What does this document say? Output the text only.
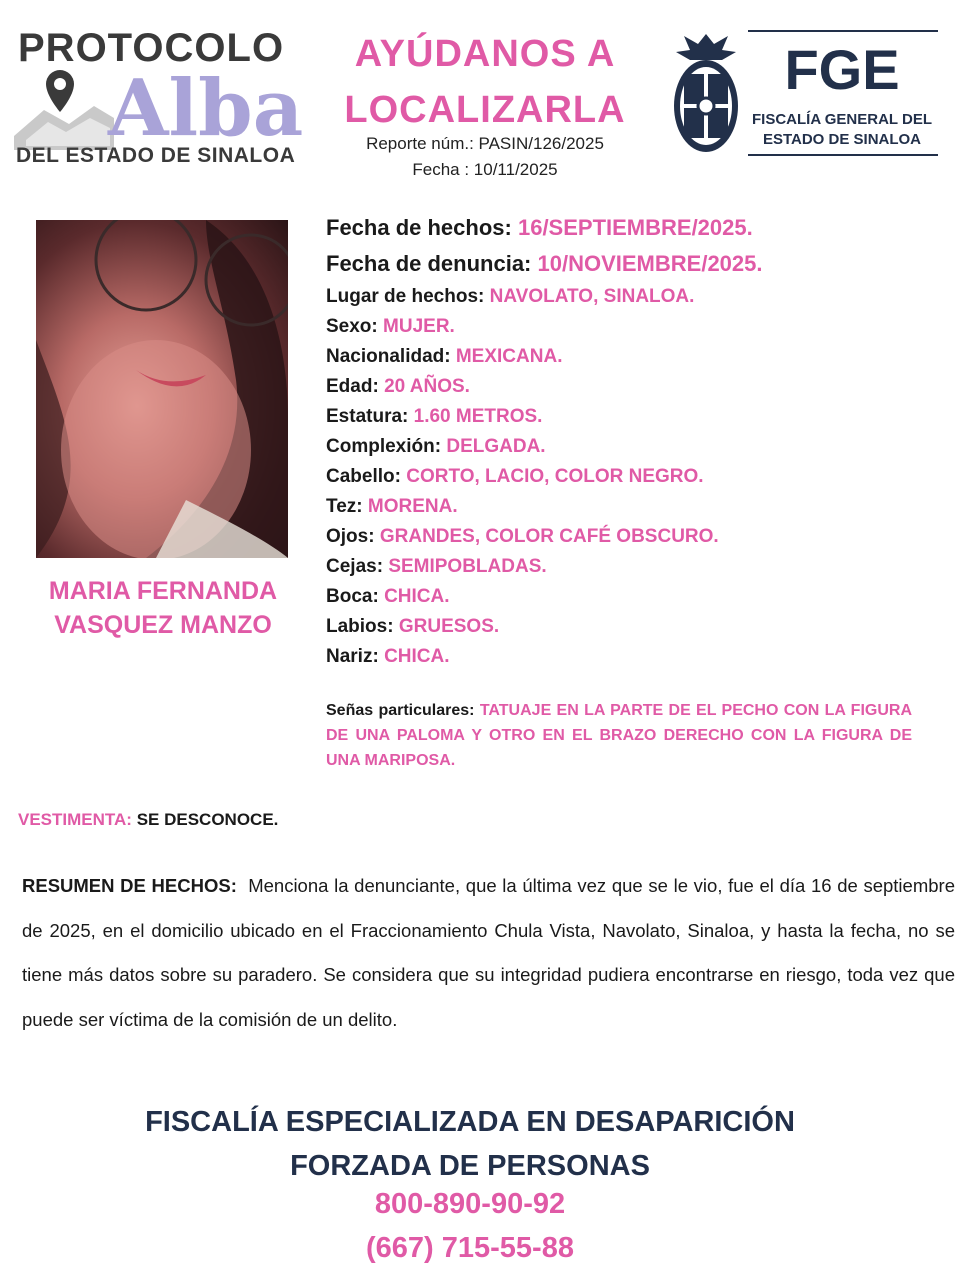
PROTOCOLO
Alba
DEL ESTADO DE SINALOA
AYÚDANOS A
LOCALIZARLA
Reporte núm.: PASIN/126/2025
Fecha : 10/11/2025
FGE
FISCALÍA GENERAL DEL
ESTADO DE SINALOA
MARIA FERNANDA
VASQUEZ MANZO
Fecha de hechos: 16/SEPTIEMBRE/2025.
Fecha de denuncia: 10/NOVIEMBRE/2025.
Lugar de hechos: NAVOLATO, SINALOA.
Sexo: MUJER.
Nacionalidad: MEXICANA.
Edad: 20 AÑOS.
Estatura: 1.60 METROS.
Complexión: DELGADA.
Cabello: CORTO, LACIO, COLOR NEGRO.
Tez: MORENA.
Ojos: GRANDES, COLOR CAFÉ OBSCURO.
Cejas: SEMIPOBLADAS.
Boca: CHICA.
Labios: GRUESOS.
Nariz: CHICA.
Señas particulares: TATUAJE EN LA PARTE DE EL PECHO CON LA FIGURA DE UNA PALOMA Y OTRO EN EL BRAZO DERECHO CON LA FIGURA DE UNA MARIPOSA.
VESTIMENTA: SE DESCONOCE.
RESUMEN DE HECHOS: Menciona la denunciante, que la última vez que se le vio, fue el día 16 de septiembre de 2025, en el domicilio ubicado en el Fraccionamiento Chula Vista, Navolato, Sinaloa, y hasta la fecha, no se tiene más datos sobre su paradero. Se considera que su integridad pudiera encontrarse en riesgo, toda vez que puede ser víctima de la comisión de un delito.
FISCALÍA ESPECIALIZADA EN DESAPARICIÓN
FORZADA DE PERSONAS
800-890-90-92
(667) 715-55-88
